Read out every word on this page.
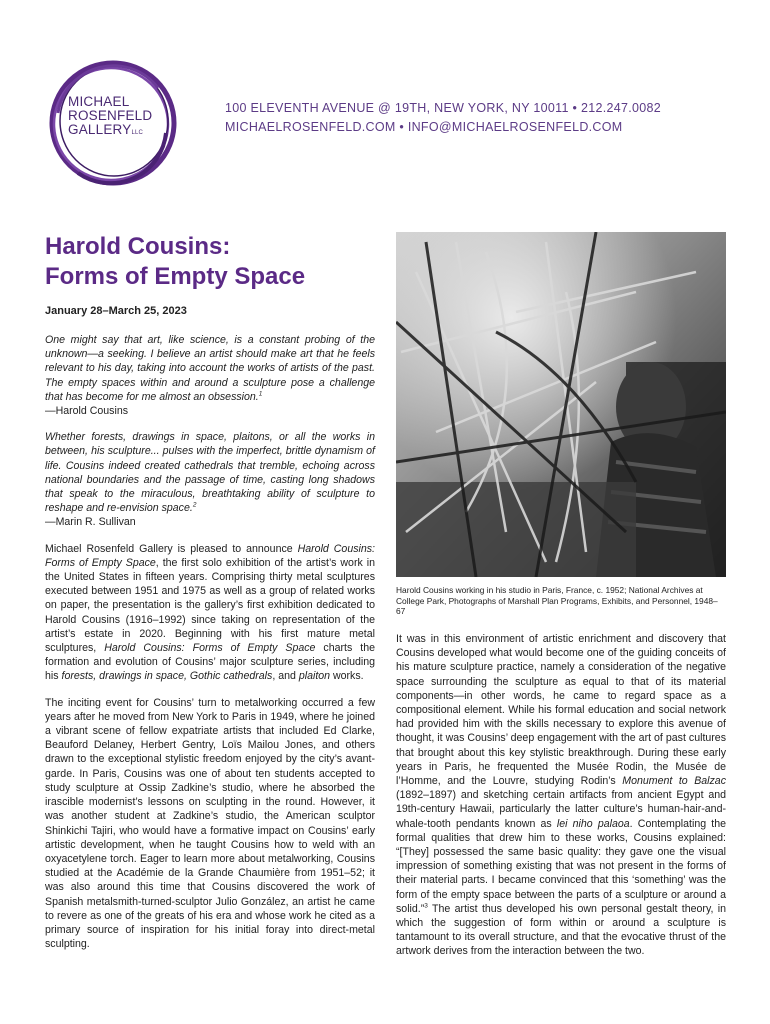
MICHAEL
ROSENFELD
GALLERYLLC
100 ELEVENTH AVENUE @ 19TH, NEW YORK, NY 10011 • 212.247.0082
MICHAELROSENFELD.COM • INFO@MICHAELROSENFELD.COM
Harold Cousins:
Forms of Empty Space
January 28–March 25, 2023

One might say that art, like science, is a constant probing of the unknown—a seeking. I believe an artist should make art that he feels relevant to his day, taking into account the works of artists of the past. The empty spaces within and around a sculpture pose a challenge that has become for me almost an obsession.$^1$
—Harold Cousins

Whether forests, drawings in space, plaitons, or all the works in between, his sculpture... pulses with the imperfect, brittle dynamism of life. Cousins indeed created cathedrals that tremble, echoing across national boundaries and the passage of time, casting long shadows that speak to the miraculous, breathtaking ability of sculpture to reshape and re-envision space.$^2$
—Marin R. Sullivan

Michael Rosenfeld Gallery is pleased to announce Harold Cousins: Forms of Empty Space, the first solo exhibition of the artist’s work in the United States in fifteen years. Comprising thirty metal sculptures executed between 1951 and 1975 as well as a group of related works on paper, the presentation is the gallery’s first exhibition dedicated to Harold Cousins (1916–1992) since taking on representation of the artist’s estate in 2020. Beginning with his first mature metal sculptures, Harold Cousins: Forms of Empty Space charts the formation and evolution of Cousins’ major sculpture series, including his forests, drawings in space, Gothic cathedrals, and plaiton works.

The inciting event for Cousins’ turn to metalworking occurred a few years after he moved from New York to Paris in 1949, where he joined a vibrant scene of fellow expatriate artists that included Ed Clarke, Beauford Delaney, Herbert Gentry, Loïs Mailou Jones, and others drawn to the exceptional stylistic freedom enjoyed by the city’s avant-garde. In Paris, Cousins was one of about ten students accepted to study sculpture at Ossip Zadkine’s studio, where he absorbed the irascible modernist’s lessons on sculpting in the round. However, it was another student at Zadkine’s studio, the American sculptor Shinkichi Tajiri, who would have a formative impact on Cousins’ early artistic development, when he taught Cousins how to weld with an oxyacetylene torch. Eager to learn more about metalworking, Cousins studied at the Académie de la Grande Chaumière from 1951–52; it was also around this time that Cousins discovered the work of Spanish metalsmith-turned-sculptor Julio González, an artist he came to revere as one of the greats of his era and whose work he cited as a primary source of inspiration for his initial foray into direct-metal sculpting.

Harold Cousins working in his studio in Paris, France, c. 1952; National Archives at College Park, Photographs of Marshall Plan Programs, Exhibits, and Personnel, 1948–67

It was in this environment of artistic enrichment and discovery that Cousins developed what would become one of the guiding conceits of his mature sculpture practice, namely a consideration of the negative space surrounding the sculpture as equal to that of its material components—in other words, he came to regard space as a compositional element. While his formal education and social network had provided him with the skills necessary to explore this avenue of thought, it was Cousins’ deep engagement with the art of past cultures that brought about this key stylistic breakthrough. During these early years in Paris, he frequented the Musée Rodin, the Musée de l’Homme, and the Louvre, studying Rodin’s Monument to Balzac (1892–1897) and sketching certain artifacts from ancient Egypt and 19th-century Hawaii, particularly the latter culture’s human-hair-and-whale-tooth pendants known as lei niho palaoa. Contemplating the formal qualities that drew him to these works, Cousins explained: “[They] possessed the same basic quality: they gave one the visual impression of something existing that was not present in the forms of their material parts. I became convinced that this ‘something’ was the form of the empty space between the parts of a sculpture or around a solid.”$^3$ The artist thus developed his own personal gestalt theory, in which the suggestion of form within or around a sculpture is tantamount to its overall structure, and that the evocative thrust of the artwork derives from the interaction between the two.
